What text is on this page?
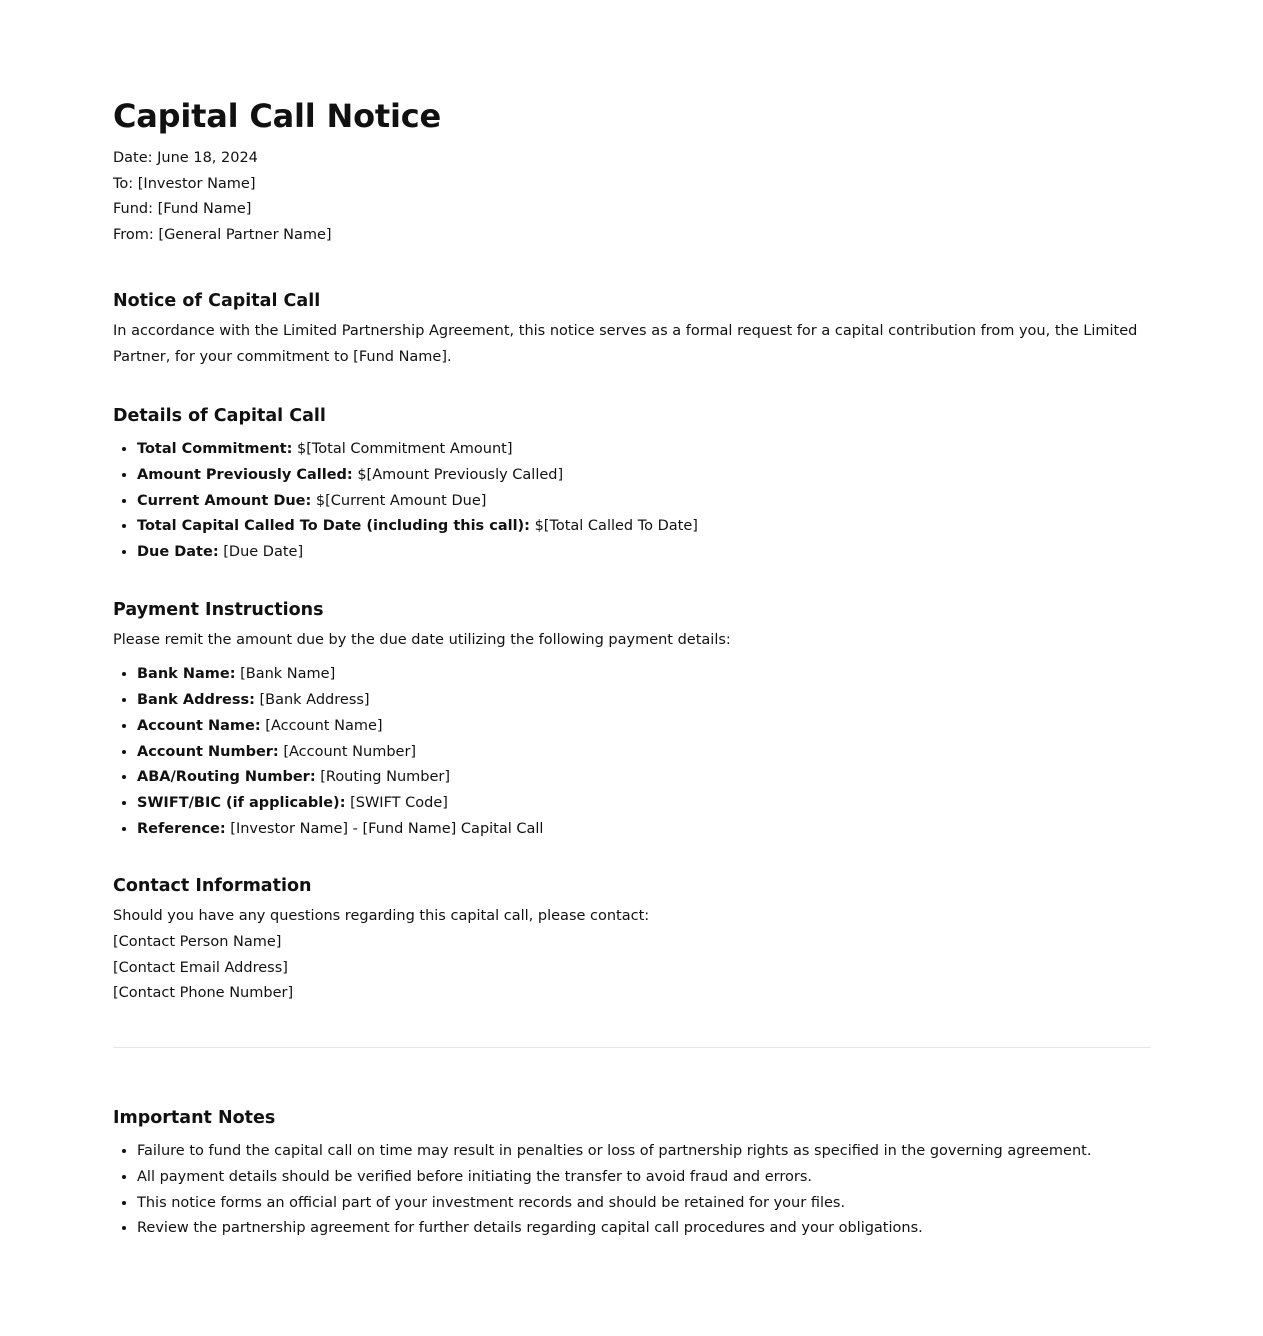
Capital Call Notice
Date: June 18, 2024
To: [Investor Name]
Fund: [Fund Name]
From: [General Partner Name]
Notice of Capital Call

In accordance with the Limited Partnership Agreement, this notice serves as a formal request for a capital contribution from you, the Limited Partner, for your commitment to [Fund Name].

Details of Capital Call
• Total Commitment: $[Total Commitment Amount]
• Amount Previously Called: $[Amount Previously Called]
• Current Amount Due: $[Current Amount Due]
• Total Capital Called To Date (including this call): $[Total Called To Date]
• Due Date: [Due Date]
Payment Instructions

Please remit the amount due by the due date utilizing the following payment details:

• Bank Name: [Bank Name]
• Bank Address: [Bank Address]
• Account Name: [Account Name]
• Account Number: [Account Number]
• ABA/Routing Number: [Routing Number]
• SWIFT/BIC (if applicable): [SWIFT Code]
• Reference: [Investor Name] - [Fund Name] Capital Call
Contact Information

Should you have any questions regarding this capital call, please contact:
[Contact Person Name]
[Contact Email Address]
[Contact Phone Number]

Important Notes
• Failure to fund the capital call on time may result in penalties or loss of partnership rights as specified in the governing agreement.
• All payment details should be verified before initiating the transfer to avoid fraud and errors.
• This notice forms an official part of your investment records and should be retained for your files.
• Review the partnership agreement for further details regarding capital call procedures and your obligations.
